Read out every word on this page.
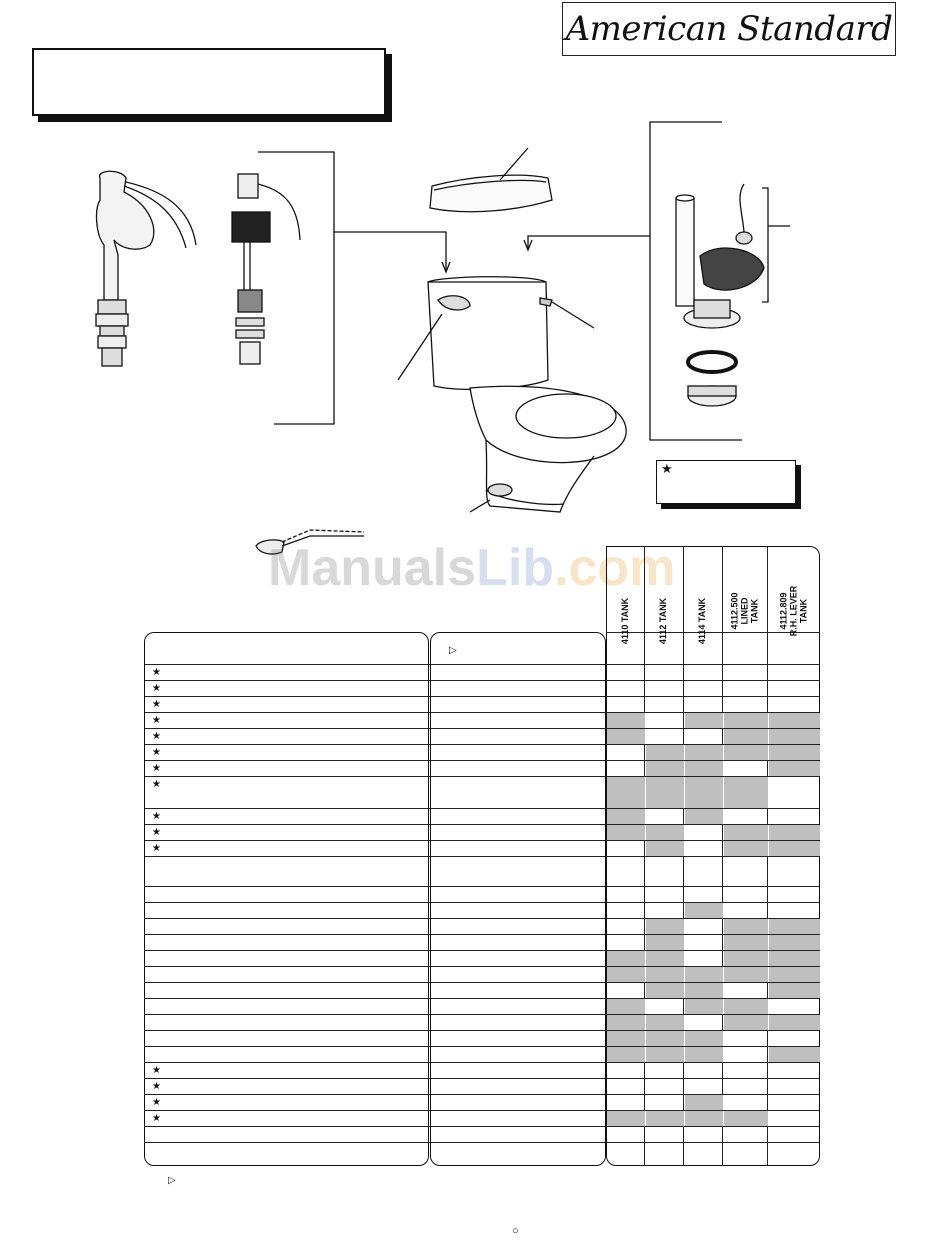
American Standard
★
ManualsLib.com
4110 TANK	4112 TANK	4114 TANK 4112.500 LINED TANK 4112.809 R.H. LEVER TANK
▷
★
★
★
★
★
★
★
★
★
★
★
★
★
★
★
▷
○
